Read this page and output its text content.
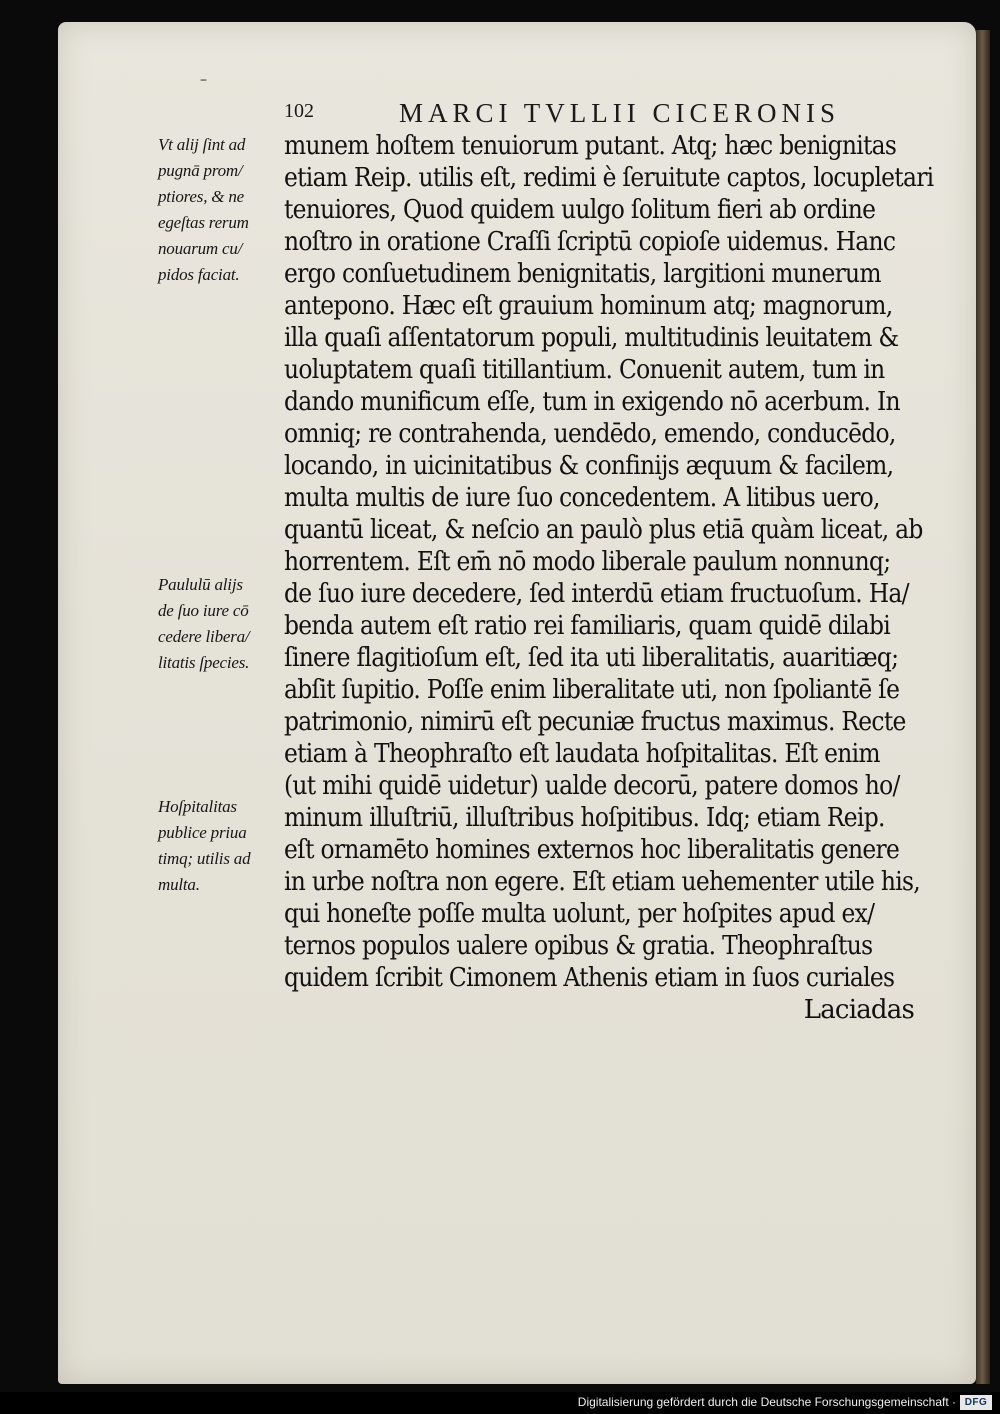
–
102	MARCI TVLLII CICERONIS
munem hoſtem tenuiorum putant. Atq; hæc benignitas
etiam Reip. utilis eſt, redimi è ſeruitute captos, locupletari
tenuiores, Quod quidem uulgo ſolitum fieri ab ordine
noſtro in oratione Craſſi ſcriptū copioſe uidemus. Hanc
ergo conſuetudinem benignitatis, largitioni munerum
antepono. Hæc eſt grauium hominum atq; magnorum,
illa quaſi aſſentatorum populi, multitudinis leuitatem &
uoluptatem quaſi titillantium. Conuenit autem, tum in
dando munificum eſſe, tum in exigendo nō acerbum. In
omniq; re contrahenda, uendēdo, emendo, conducēdo,
locando, in uicinitatibus & confinijs æquum & facilem,
multa multis de iure ſuo concedentem. A litibus uero,
quantū liceat, & neſcio an paulò plus etiā quàm liceat, ab
horrentem. Eſt em̄ nō modo liberale paulum nonnunq;
de ſuo iure decedere, ſed interdū etiam fructuoſum. Ha/
benda autem eſt ratio rei familiaris, quam quidē dilabi
ſinere flagitioſum eſt, ſed ita uti liberalitatis, auaritiæq;
abſit ſupitio. Poſſe enim liberalitate uti, non ſpoliantē ſe
patrimonio, nimirū eſt pecuniæ fructus maximus. Recte
etiam à Theophraſto eſt laudata hoſpitalitas. Eſt enim
(ut mihi quidē uidetur) ualde decorū, patere domos ho/
minum illuſtriū, illuſtribus hoſpitibus. Idq; etiam Reip.
eſt ornamēto homines externos hoc liberalitatis genere
in urbe noſtra non egere. Eſt etiam uehementer utile his,
qui honeſte poſſe multa uolunt, per hoſpites apud ex/
ternos populos ualere opibus & gratia. Theophraſtus
quidem ſcribit Cimonem Athenis etiam in ſuos curiales
Laciadas
Vt alij ſint ad
pugnā prom/
ptiores, & ne
egeſtas rerum
nouarum cu/
pidos faciat.
Paululū alijs
de ſuo iure cō
cedere libera/
litatis ſpecies.
Hoſpitalitas
publice priua
timq; utilis ad
multa.
Digitalisierung gefördert durch die Deutsche Forschungsgemeinschaft · DFG
